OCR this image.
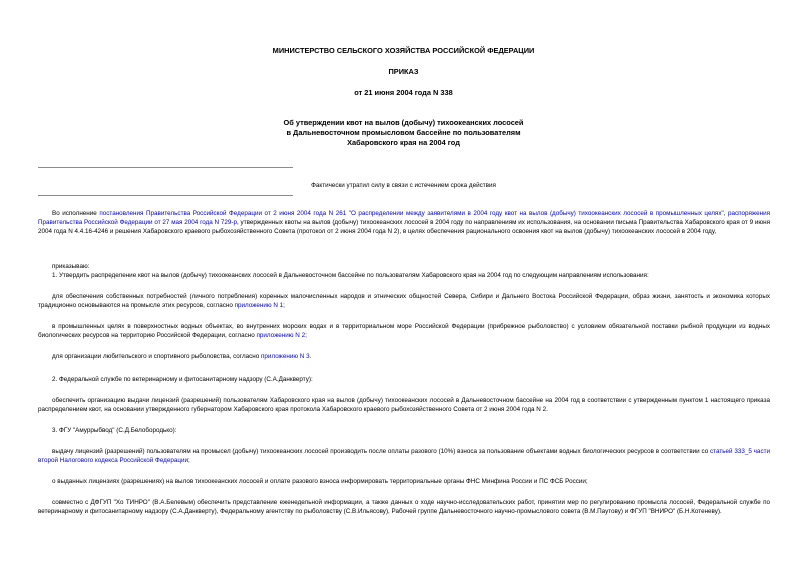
МИНИСТЕРСТВО СЕЛЬСКОГО ХОЗЯЙСТВА РОССИЙСКОЙ ФЕДЕРАЦИИ
ПРИКАЗ
от 21 июня 2004 года N 338
Об утверждении квот на вылов (добычу) тихоокеанских лососей
в Дальневосточном промысловом бассейне по пользователям
Хабаровского края на 2004 год
Фактически утратил силу в связи с истечением срока действия
Во исполнение постановления Правительства Российской Федерации от 2 июня 2004 года N 261 "О распределении между заявителями в 2004 году квот на вылов (добычу) тихоокеанских лососей в промышленных целях", распоряжения Правительства Российской Федерации от 27 мая 2004 года N 729-р, утвержденных квоты на вылов (добычу) тихоокеанских лососей в 2004 году по направлениям их использования, на основании письма Правительства Хабаровского края от 9 июня 2004 года N 4.4.16-4246 и решения Хабаровского краевого рыбохозяйственного Совета (протокол от 2 июня 2004 года N 2), в целях обеспечения рационального освоения квот на вылов (добычу) тихоокеанских лососей в 2004 году,
приказываю:
1. Утвердить распределение квот на вылов (добычу) тихоокеанских лососей в Дальневосточном бассейне по пользователям Хабаровского края на 2004 год по следующим направлениям использования:
для обеспечения собственных потребностей (личного потребления) коренных малочисленных народов и этнических общностей Севера, Сибири и Дальнего Востока Российской Федерации, образ жизни, занятость и экономика которых традиционно основываются на промысле этих ресурсов, согласно приложению N 1;
в промышленных целях в поверхностных водных объектах, во внутренних морских водах и в территориальном море Российской Федерации (прибрежное рыболовство) с условием обязательной поставки рыбной продукции из водных биологических ресурсов на территорию Российской Федерации, согласно приложению N 2;
для организации любительского и спортивного рыболовства, согласно приложению N 3.
2. Федеральной службе по ветеринарному и фитосанитарному надзору (С.А.Данкверту):
обеспечить организацию выдачи лицензий (разрешений) пользователям Хабаровского края на вылов (добычу) тихоокеанских лососей в Дальневосточном бассейне на 2004 год в соответствии с утвержденным пунктом 1 настоящего приказа распределением квот, на основании утвержденного губернатором Хабаровского края протокола Хабаровского краевого рыбохозяйственного Совета от 2 июня 2004 года N 2.
3. ФГУ "Амуррыбвод" (С.Д.Белобородько):
выдачу лицензий (разрешений) пользователям на промысел (добычу) тихоокеанских лососей производить после оплаты разового (10%) взноса за пользование объектами водных биологических ресурсов в соответствии со статьей 333_5 части второй Налогового кодекса Российской Федерации;
о выданных лицензиях (разрешениях) на вылов тихоокеанских лососей и оплате разового взноса информировать территориальные органы ФНС Минфина России и ПС ФСБ России;
совместно с ДФГУП "Хо ТИНРО" (В.А.Белевым) обеспечить представление еженедельной информации, а также данных о ходе научно-исследовательских работ, принятии мер по регулированию промысла лососей, Федеральной службе по ветеринарному и фитосанитарному надзору (С.А.Данкверту), Федеральному агентству по рыболовству (С.В.Ильясову), Рабочей группе Дальневосточного научно-промыслового совета (В.М.Паутову) и ФГУП "ВНИРО" (Б.Н.Котеневу).
